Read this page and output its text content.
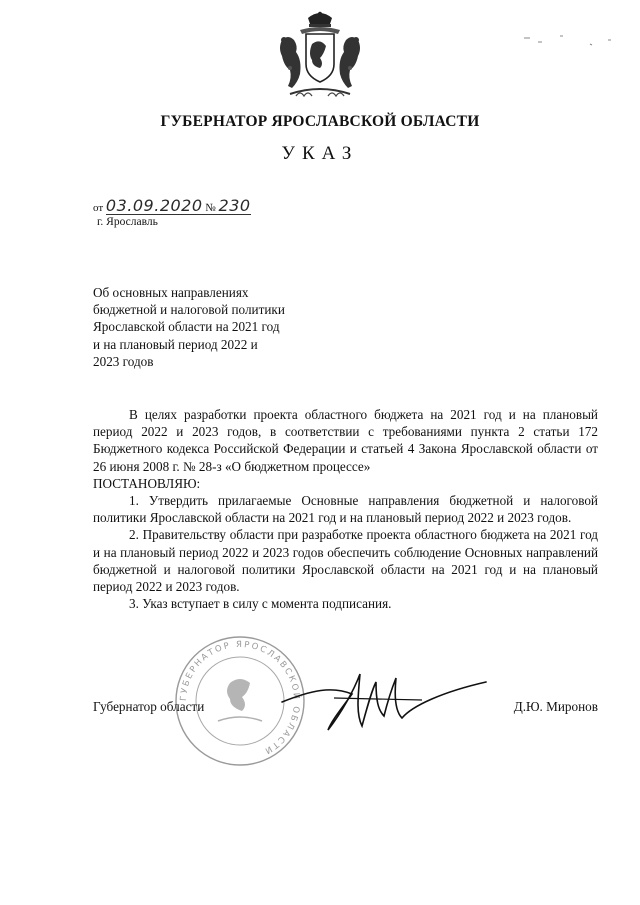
ГУБЕРНАТОР ЯРОСЛАВСКОЙ ОБЛАСТИ
УКАЗ
от 03.09.2020 № 230
г. Ярославль
Об основных направлениях
бюджетной и налоговой политики
Ярославской области на 2021 год
и на плановый период 2022 и
2023 годов

В целях разработки проекта областного бюджета на 2021 год и на плановый период 2022 и 2023 годов, в соответствии с требованиями пункта 2 статьи 172 Бюджетного кодекса Российской Федерации и статьей 4 Закона Ярославской области от 26 июня 2008 г. № 28-з «О бюджетном процессе»

ПОСТАНОВЛЯЮ:

1. Утвердить прилагаемые Основные направления бюджетной и налоговой политики Ярославской области на 2021 год и на плановый период 2022 и 2023 годов.

2. Правительству области при разработке проекта областного бюджета на 2021 год и на плановый период 2022 и 2023 годов обеспечить соблюдение Основных направлений бюджетной и налоговой политики Ярославской области на 2021 год и на плановый период 2022 и 2023 годов.

3. Указ вступает в силу с момента подписания.

ГУБЕРНАТОР ЯРОСЛАВСКОЙ ОБЛАСТИ
Губернатор области	Д.Ю. Миронов
